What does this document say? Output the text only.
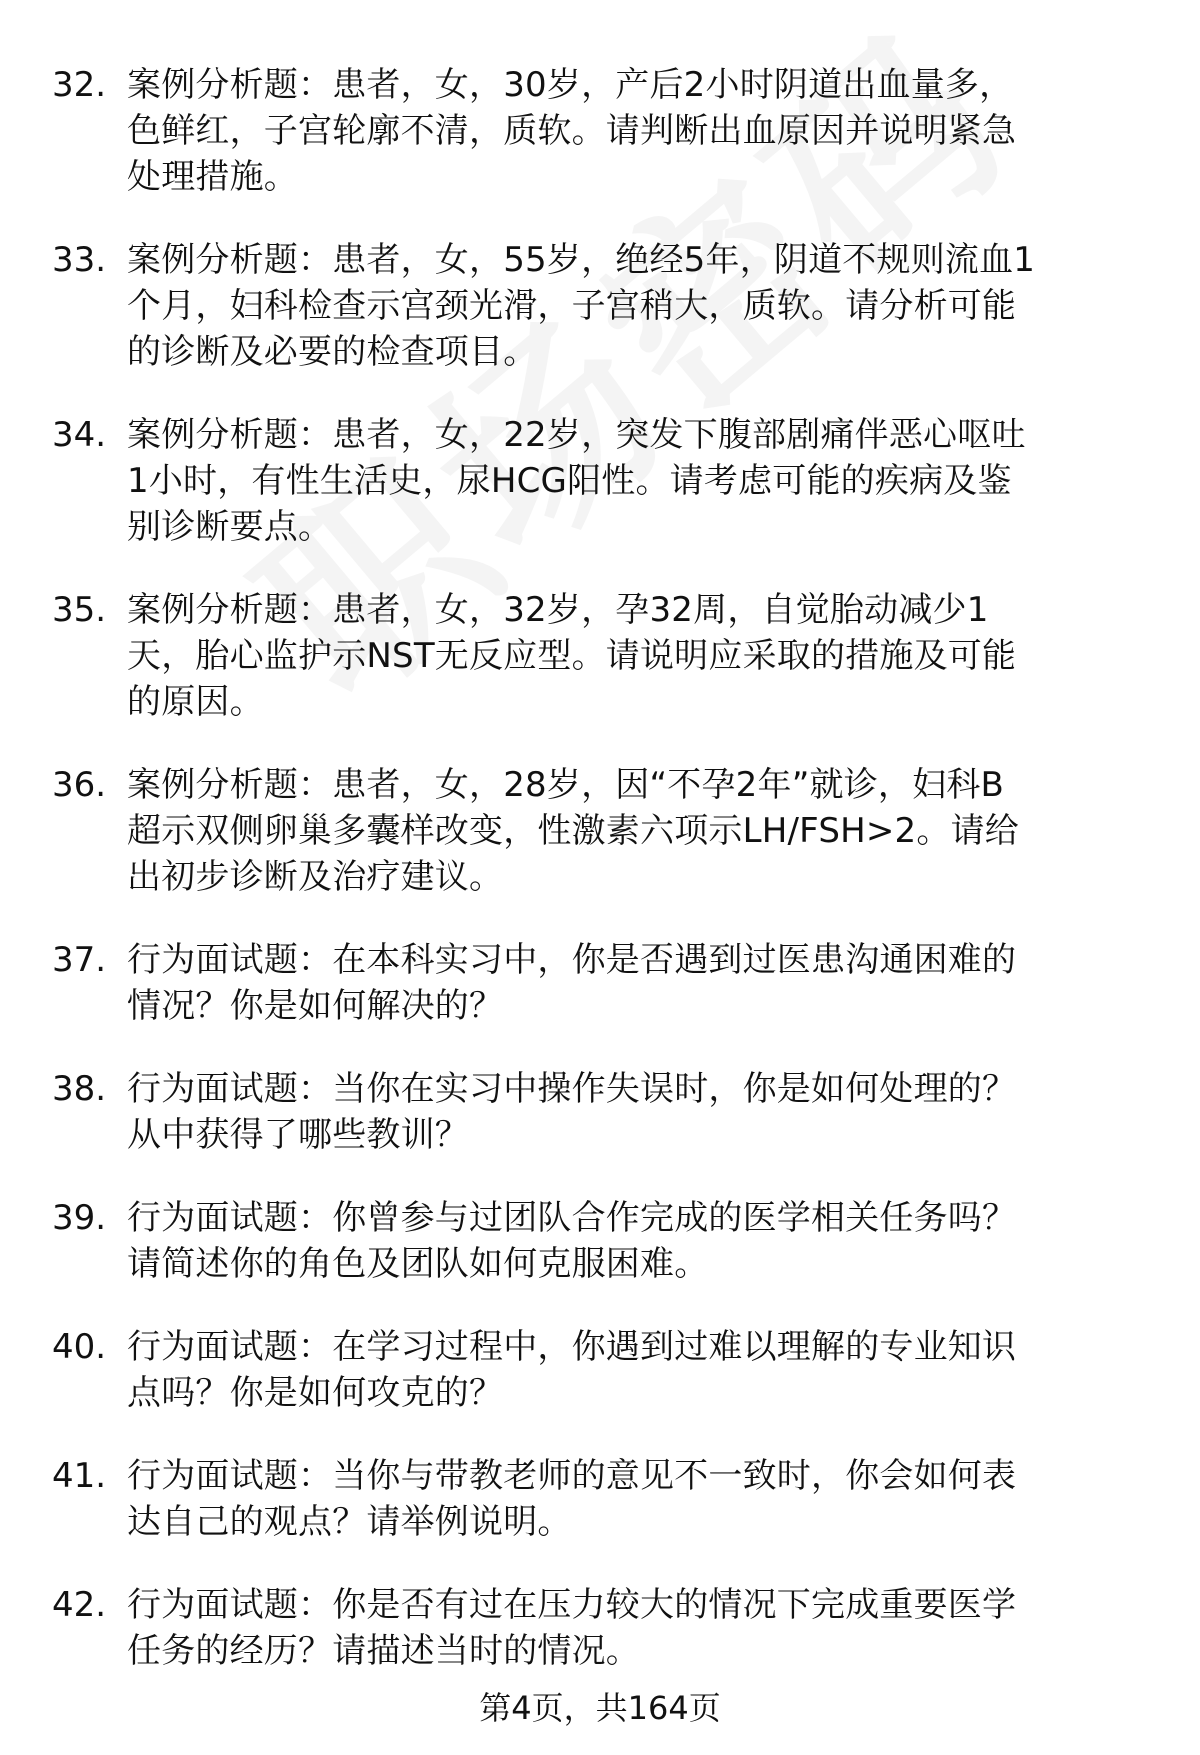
32. 案例分析题：患者，女，30岁，产后2小时阴道出血量多，色鲜红，子宫轮廓不清，质软。请判断出血原因并说明紧急处理措施。
33. 案例分析题：患者，女，55岁，绝经5年，阴道不规则流血1个月，妇科检查示宫颈光滑，子宫稍大，质软。请分析可能的诊断及必要的检查项目。
34. 案例分析题：患者，女，22岁，突发下腹部剧痛伴恶心呕吐1小时，有性生活史，尿HCG阳性。请考虑可能的疾病及鉴别诊断要点。
35. 案例分析题：患者，女，32岁，孕32周，自觉胎动减少1天，胎心监护示NST无反应型。请说明应采取的措施及可能的原因。
36. 案例分析题：患者，女，28岁，因“不孕2年”就诊，妇科B超示双侧卵巢多囊样改变，性激素六项示LH/FSH>2。请给出初步诊断及治疗建议。
37. 行为面试题：在本科实习中，你是否遇到过医患沟通困难的情况？你是如何解决的？
38. 行为面试题：当你在实习中操作失误时，你是如何处理的？从中获得了哪些教训？
39. 行为面试题：你曾参与过团队合作完成的医学相关任务吗？请简述你的角色及团队如何克服困难。
40. 行为面试题：在学习过程中，你遇到过难以理解的专业知识点吗？你是如何攻克的？
41. 行为面试题：当你与带教老师的意见不一致时，你会如何表达自己的观点？请举例说明。
42. 行为面试题：你是否有过在压力较大的情况下完成重要医学任务的经历？请描述当时的情况。
第4页，共164页
